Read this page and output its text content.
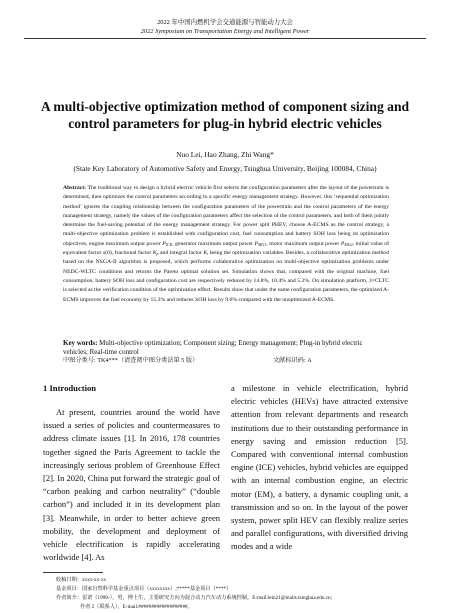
2022 年中国内燃机学会交通能源与智能动力大会
2022 Symposium on Transportation Energy and Intelligent Power
A multi-objective optimization method of component sizing and control parameters for plug-in hybrid electric vehicles
Nuo Lei, Hao Zhang, Zhi Wang*
(State Key Laboratory of Automotive Safety and Energy, Tsinghua University, Beijing 100084, China)

Abstract: The traditional way to design a hybrid electric vehicle first selects the configuration parameters after the layout of the powertrain is determined, then optimizes the control parameters according to a specific energy management strategy. However, this ‘sequential optimization method’ ignores the coupling relationship between the configuration parameters of the powertrain and the control parameters of the energy management strategy, namely the values of the configuration parameters affect the selection of the control parameters, and both of them jointly determine the fuel-saving potential of the energy management strategy. For power split PHEV, choose A-ECMS as the control strategy, a multi-objective optimization problem is established with configuration cost, fuel consumption and battery SOH loss being its optimization objectives, engine maximum output power $P_{ICE}$, generator maximum output power $P_{MG1}$, motor maximum output power $P_{MG2}$, initial value of equivalent factor s(0), fractional factor $K_p$ and integral factor $K_i$ being the optimization variables. Besides, a collaborative optimization method based on the NSGA-II algorithm is proposed, which performs collaborative optimization on multi-objective optimization problems under NEDC-WLTC conditions and returns the Pareto optimal solution set. Simulation shows that, compared with the original machine, fuel consumption, battery SOH loss and configuration cost are respectively reduced by 14.8%, 10.4% and 5.2%. On simulation platform, 3×CLTC is selected as the verification condition of the optimization effect. Results show that under the same configuration parameters, the optimized A-ECMS improves the fuel economy by 15.3% and reduces SOH loss by 9.6% compared with the unoptimized A-ECMS.

Key words: Multi-objective optimization; Component sizing; Energy management; Plug-in hybrid electric vehicles; Real-time control

中图分类号: TK4***（请查阅中图分类法第 5 版）	文献标识码: A
1 Introduction

At present, countries around the world have issued a series of policies and countermeasures to address climate issues [1]. In 2016, 178 countries together signed the Paris Agreement to tackle the increasingly serious problem of Greenhouse Effect [2]. In 2020, China put forward the strategic goal of “carbon peaking and carbon neutrality” (“double carbon”) and included it in its development plan [3]. Meanwhile, in order to better achieve green mobility, the development and deployment of vehicle electrification is rapidly accelerating worldwide [4]. As

a milestone in vehicle electrification, hybrid electric vehicles (HEVs) have attracted extensive attention from relevant departments and research institutions due to their outstanding performance in energy saving and emission reduction [5]. Compared with conventional internal combustion engine (ICE) vehicles, hybrid vehicles are equipped with an internal combustion engine, an electric motor (EM), a battery, a dynamic coupling unit, a transmission and so on. In the layout of the power system, power split HEV can flexibly realize series and parallel configurations, with diversified driving modes and a wide

收稿日期：xxxx-xx-xx
基金项目：国家自然科学基金重点项目（xxxxxxxx）;*****基金项目（****）
作者简介：雷诺（1999-），男，博士生，主要研究方向为混合动力汽车动力系统控制。E-mail:lein21@mails.tsinghua.edu.cn;
作者 2（联系人），E-mail:###################。
